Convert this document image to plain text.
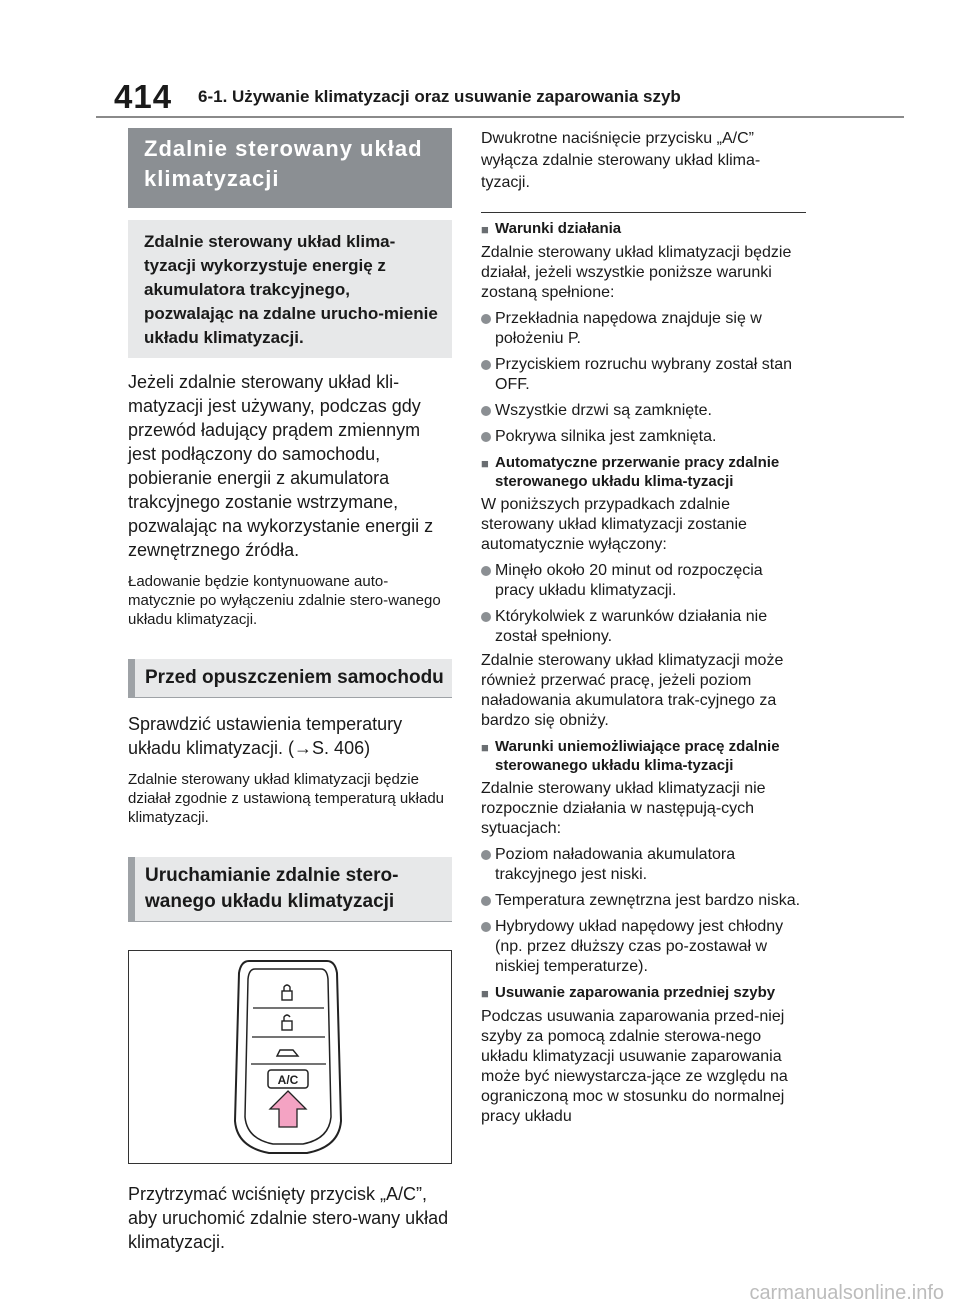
414 6-1. Używanie klimatyzacji oraz usuwanie zaparowania szyb
Zdalnie sterowany układ klimatyzacji
Zdalnie sterowany układ klima-tyzacji wykorzystuje energię z akumulatora trakcyjnego, pozwalając na zdalne urucho-mienie układu klimatyzacji.
Jeżeli zdalnie sterowany układ kli-matyzacji jest używany, podczas gdy przewód ładujący prądem zmiennym jest podłączony do samochodu, pobieranie energii z akumulatora trakcyjnego zostanie wstrzymane, pozwalając na wykorzystanie energii z zewnętrznego źródła.
Ładowanie będzie kontynuowane auto-matycznie po wyłączeniu zdalnie stero-wanego układu klimatyzacji.
Przed opuszczeniem samochodu
Sprawdzić ustawienia temperatury układu klimatyzacji. (→S. 406)
Zdalnie sterowany układ klimatyzacji będzie działał zgodnie z ustawioną temperaturą układu klimatyzacji.
Uruchamianie zdalnie stero-wanego układu klimatyzacji
A/C
Przytrzymać wciśnięty przycisk „A/C”, aby uruchomić zdalnie stero-wany układ klimatyzacji.
Dwukrotne naciśnięcie przycisku „A/C” wyłącza zdalnie sterowany układ klima-tyzacji.
■ Warunki działania
Zdalnie sterowany układ klimatyzacji będzie działał, jeżeli wszystkie poniższe warunki zostaną spełnione:
Przekładnia napędowa znajduje się w położeniu P.
Przyciskiem rozruchu wybrany został stan OFF.
Wszystkie drzwi są zamknięte.
Pokrywa silnika jest zamknięta.
■ Automatyczne przerwanie pracy zdalnie sterowanego układu klima-tyzacji
W poniższych przypadkach zdalnie sterowany układ klimatyzacji zostanie automatycznie wyłączony:
Minęło około 20 minut od rozpoczęcia pracy układu klimatyzacji.
Którykolwiek z warunków działania nie został spełniony.
Zdalnie sterowany układ klimatyzacji może również przerwać pracę, jeżeli poziom naładowania akumulatora trak-cyjnego za bardzo się obniży.
■ Warunki uniemożliwiające pracę zdalnie sterowanego układu klima-tyzacji
Zdalnie sterowany układ klimatyzacji nie rozpocznie działania w następują-cych sytuacjach:
Poziom naładowania akumulatora trakcyjnego jest niski.
Temperatura zewnętrzna jest bardzo niska.
Hybrydowy układ napędowy jest chłodny (np. przez dłuższy czas po-zostawał w niskiej temperaturze).
■ Usuwanie zaparowania przedniej szyby
Podczas usuwania zaparowania przed-niej szyby za pomocą zdalnie sterowa-nego układu klimatyzacji usuwanie zaparowania może być niewystarcza-jące ze względu na ograniczoną moc w stosunku do normalnej pracy układu
carmanualsonline.info
